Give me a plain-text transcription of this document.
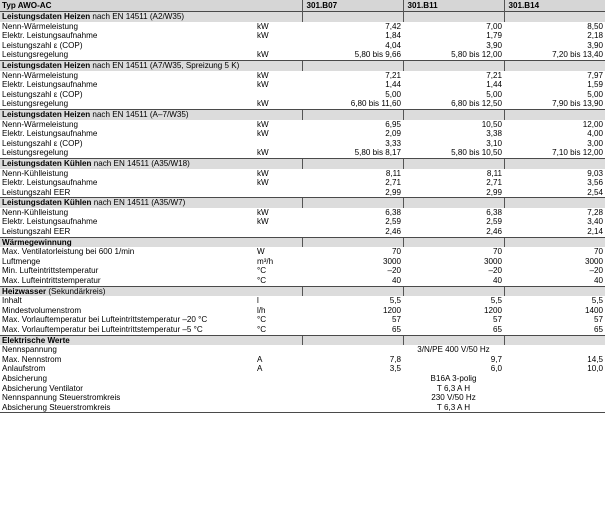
Typ AWO-AC		301.B07	301.B11	301.B14
Leistungsdaten Heizen nach EN 14511 (A2/W35)				
Nenn-Wärmeleistung	kW	7,42	7,00	8,50
Elektr. Leistungsaufnahme	kW	1,84	1,79	2,18
Leistungszahl ε (COP)		4,04	3,90	3,90
Leistungsregelung	kW	5,80 bis 9,66	5,80 bis 12,00	7,20 bis 13,40
Leistungsdaten Heizen nach EN 14511 (A7/W35, Spreizung 5 K)				
Nenn-Wärmeleistung	kW	7,21	7,21	7,97
Elektr. Leistungsaufnahme	kW	1,44	1,44	1,59
Leistungszahl ε (COP)		5,00	5,00	5,00
Leistungsregelung	kW	6,80 bis 11,60	6,80 bis 12,50	7,90 bis 13,90
Leistungsdaten Heizen nach EN 14511 (A–7/W35)				
Nenn-Wärmeleistung	kW	6,95	10,50	12,00
Elektr. Leistungsaufnahme	kW	2,09	3,38	4,00
Leistungszahl ε (COP)		3,33	3,10	3,00
Leistungsregelung	kW	5,80 bis 8,17	5,80 bis 10,50	7,10 bis 12,00
Leistungsdaten Kühlen nach EN 14511 (A35/W18)				
Nenn-Kühlleistung	kW	8,11	8,11	9,03
Elektr. Leistungsaufnahme	kW	2,71	2,71	3,56
Leistungszahl EER		2,99	2,99	2,54
Leistungsdaten Kühlen nach EN 14511 (A35/W7)				
Nenn-Kühlleistung	kW	6,38	6,38	7,28
Elektr. Leistungsaufnahme	kW	2,59	2,59	3,40
Leistungszahl EER		2,46	2,46	2,14
Wärmegewinnung				
Max. Ventilatorleistung bei 600 1/min	W	70	70	70
Luftmenge	m³/h	3000	3000	3000
Min. Lufteintrittstemperatur	°C	–20	–20	–20
Max. Lufteintrittstemperatur	°C	40	40	40
Heizwasser (Sekundärkreis)				
Inhalt	l	5,5	5,5	5,5
Mindestvolumenstrom	l/h	1200	1200	1400
Max. Vorlauftemperatur bei Lufteintrittstemperatur –20 °C	°C	57	57	57
Max. Vorlauftemperatur bei Lufteintrittstemperatur –5 °C	°C	65	65	65
Elektrische Werte				
Nennspannung		3/N/PE 400 V/50 Hz		
Max. Nennstrom	A	7,8	9,7	14,5
Anlaufstrom	A	3,5	6,0	10,0
Absicherung		B16A 3-polig		
Absicherung Ventilator		T 6,3 A H		
Nennspannung Steuerstromkreis		230 V/50 Hz		
Absicherung Steuerstromkreis		T 6,3 A H		
